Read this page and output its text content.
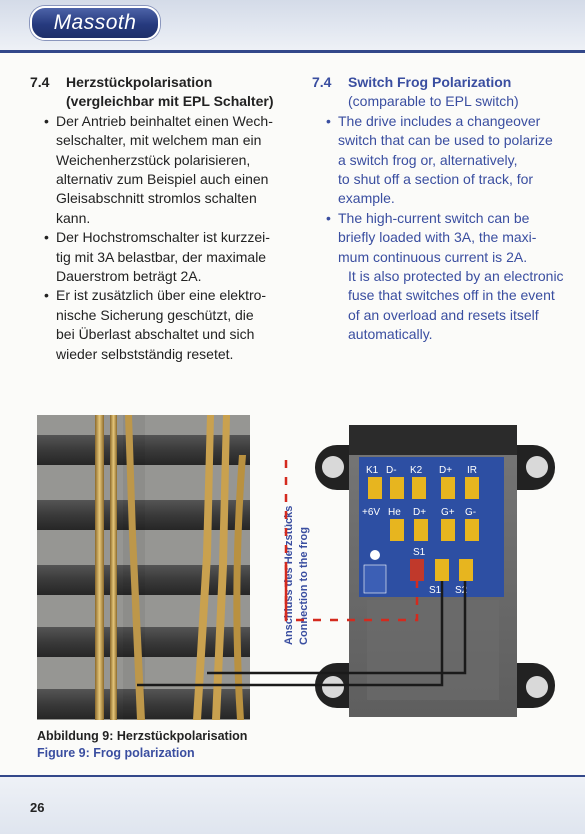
Massoth
7.4 Herzstückpolarisation
(vergleichbar mit EPL Schalter)
• Der Antrieb beinhaltet einen Wech-
selschalter, mit welchem man ein
Weichenherzstück polarisieren,
alternativ zum Beispiel auch einen
Gleisabschnitt stromlos schalten
kann.
• Der Hochstromschalter ist kurzzei-
tig mit 3A belastbar, der maximale
Dauerstrom beträgt 2A.
• Er ist zusätzlich über eine elektro-
nische Sicherung geschützt, die
bei Überlast abschaltet und sich
wieder selbstständig resetet.
7.4 Switch Frog Polarization
(comparable to EPL switch)
• The drive includes a changeover
switch that can be used to polarize
a switch frog or, alternatively,
to shut off a section of track, for
example.
• The high-current switch can be
briefly loaded with 3A, the maxi-
mum continuous current is 2A.
It is also protected by an electronic
fuse that switches off in the event
of an overload and resets itself
automatically.
Anschluss des Herzstücks Connection to the frog
K1 D- K2 D+ IR
+6V He D+ G+ G-
S1
S1 S2
Abbildung 9: Herzstückpolarisation
Figure 9: Frog polarization
26
